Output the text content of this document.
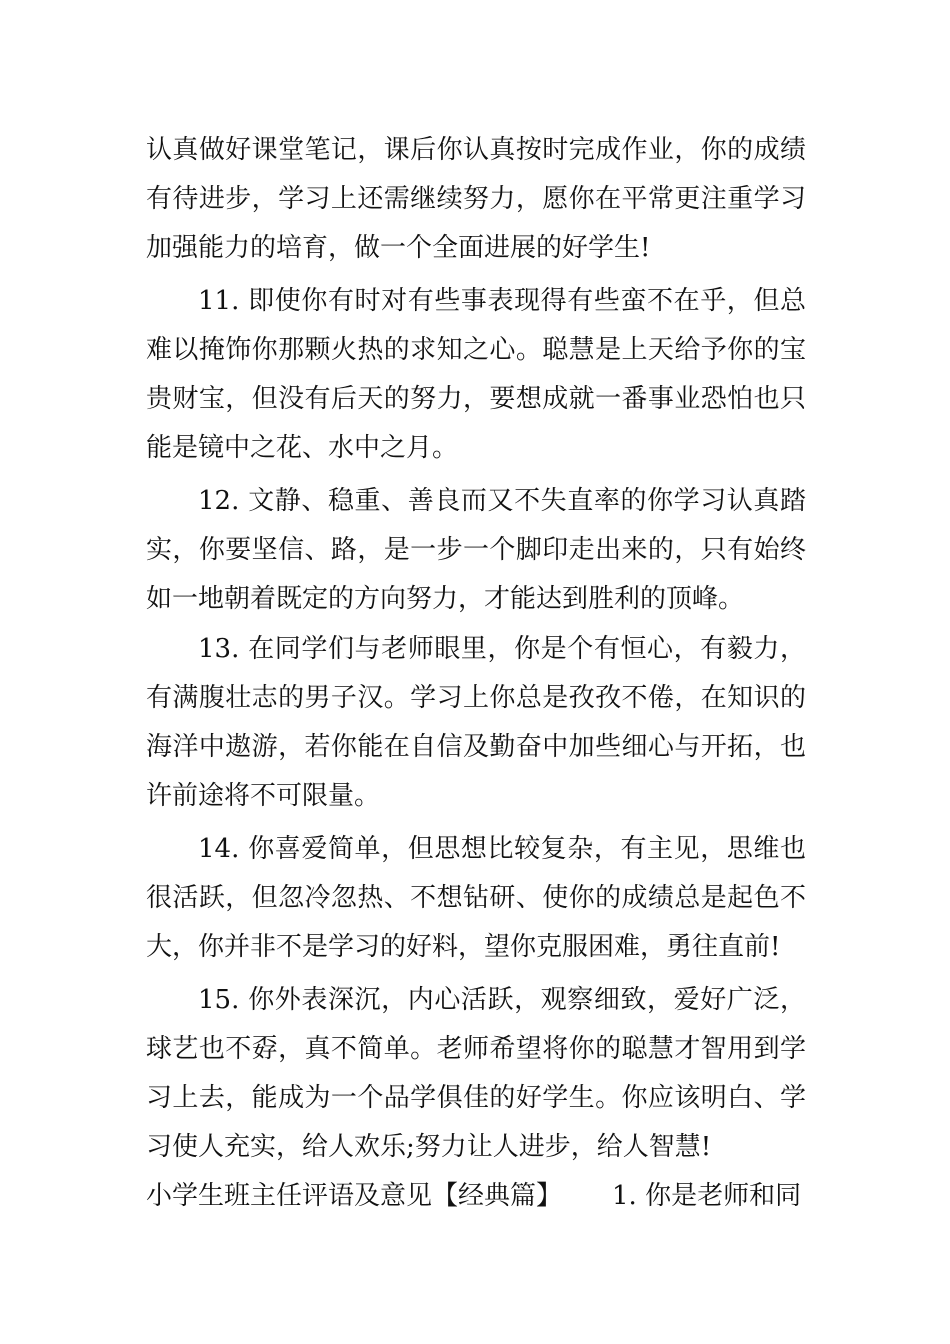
认真做好课堂笔记，课后你认真按时完成作业，你的成绩
有待进步，学习上还需继续努力，愿你在平常更注重学习
加强能力的培育，做一个全面进展的好学生!
11. 即使你有时对有些事表现得有些蛮不在乎，但总
难以掩饰你那颗火热的求知之心。聪慧是上天给予你的宝
贵财宝，但没有后天的努力，要想成就一番事业恐怕也只
能是镜中之花、水中之月。
12. 文静、稳重、善良而又不失直率的你学习认真踏
实，你要坚信、路，是一步一个脚印走出来的，只有始终
如一地朝着既定的方向努力，才能达到胜利的顶峰。
13. 在同学们与老师眼里，你是个有恒心，有毅力，
有满腹壮志的男子汉。学习上你总是孜孜不倦，在知识的
海洋中遨游，若你能在自信及勤奋中加些细心与开拓，也
许前途将不可限量。
14. 你喜爱简单，但思想比较复杂，有主见，思维也
很活跃，但忽冷忽热、不想钻研、使你的成绩总是起色不
大，你并非不是学习的好料，望你克服困难，勇往直前!
15. 你外表深沉，内心活跃，观察细致，爱好广泛，
球艺也不孬，真不简单。老师希望将你的聪慧才智用到学
习上去，能成为一个品学俱佳的好学生。你应该明白、学
习使人充实，给人欢乐;努力让人进步，给人智慧!
小学生班主任评语及意见【经典篇】 1. 你是老师和同
